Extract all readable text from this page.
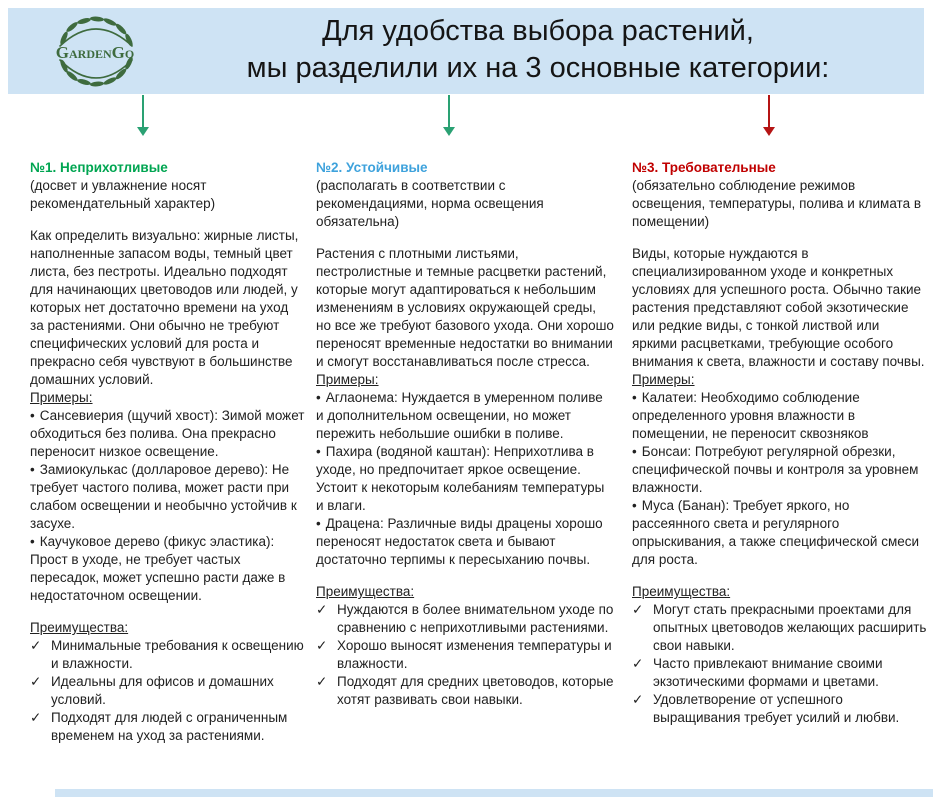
GardenGo
Для удобства выбора растений,
мы разделили их на 3 основные категории:

№1. Неприхотливые

(досвет и увлажнение носят рекомендательный характер)

Как определить визуально: жирные листы, наполненные запасом воды, темный цвет листа, без пестроты. Идеально подходят для начинающих цветоводов или людей, у которых нет достаточно времени на уход за растениями. Они обычно не требуют специфических условий для роста и прекрасно себя чувствуют в большинстве домашних условий.

Примеры:
• Сансевиерия (щучий хвост): Зимой может обходиться без полива. Она прекрасно переносит низкое освещение.
• Замиокулькас (долларовое дерево): Не требует частого полива, может расти при слабом освещении и необычно устойчив к засухе.
• Каучуковое дерево (фикус эластика): Прост в уходе, не требует частых пересадок, может успешно расти даже в недостаточном освещении.
Преимущества:
✓ Минимальные требования к освещению и влажности.
✓ Идеальны для офисов и домашних условий.
✓ Подходят для людей с ограниченным временем на уход за растениями.

№2. Устойчивые

(располагать в соответствии с рекомендациями, норма освещения обязательна)

Растения с плотными листьями, пестролистные и темные расцветки растений, которые могут адаптироваться к небольшим изменениям в условиях окружающей среды, но все же требуют базового ухода. Они хорошо переносят временные недостатки во внимании и смогут восстанавливаться после стресса.

Примеры:
• Аглаонема: Нуждается в умеренном поливе и дополнительном освещении, но может пережить небольшие ошибки в поливе.
• Пахира (водяной каштан): Неприхотлива в уходе, но предпочитает яркое освещение. Устоит к некоторым колебаниям температуры и влаги.
• Драцена: Различные виды драцены хорошо переносят недостаток света и бывают достаточно терпимы к пересыханию почвы.
Преимущества:
✓ Нуждаются в более внимательном уходе по сравнению с неприхотливыми растениями.
✓ Хорошо выносят изменения температуры и влажности.
✓ Подходят для средних цветоводов, которые хотят развивать свои навыки.

№3. Требовательные

(обязательно соблюдение режимов освещения, температуры, полива и климата в помещении)

Виды, которые нуждаются в специализированном уходе и конкретных условиях для успешного роста. Обычно такие растения представляют собой экзотические или редкие виды, с тонкой листвой или яркими расцветками, требующие особого внимания к света, влажности и составу почвы.

Примеры:
• Калатеи: Необходимо соблюдение определенного уровня влажности в помещении, не переносит сквозняков
• Бонсаи: Потребуют регулярной обрезки, специфической почвы и контроля за уровнем влажности.
• Муса (Банан): Требует яркого, но рассеянного света и регулярного опрыскивания, а также специфической смеси для роста.
Преимущества:
✓ Могут стать прекрасными проектами для опытных цветоводов желающих расширить свои навыки.
✓ Часто привлекают внимание своими экзотическими формами и цветами.
✓ Удовлетворение от успешного выращивания требует усилий и любви.
